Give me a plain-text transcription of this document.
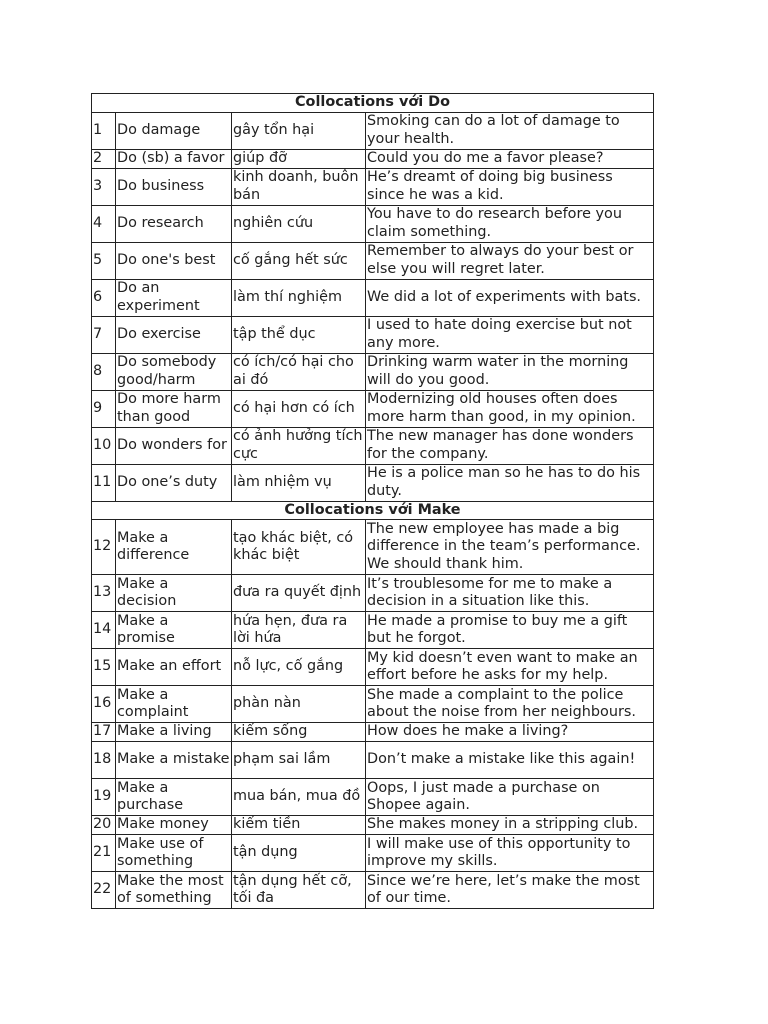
Collocations với Do			
1	Do damage	gây tổn hại	Smoking can do a lot of damage to your health.
2	Do (sb) a favor	giúp đỡ	Could you do me a favor please?
3	Do business	kinh doanh, buôn bán	He’s dreamt of doing big business since he was a kid.
4	Do research	nghiên cứu	You have to do research before you claim something.
5	Do one's best	cố gắng hết sức	Remember to always do your best or else you will regret later.
6	Do an experiment	làm thí nghiệm	We did a lot of experiments with bats.
7	Do exercise	tập thể dục	I used to hate doing exercise but not any more.
8	Do somebody good/harm	có ích/có hại cho ai đó	Drinking warm water in the morning will do you good.
9	Do more harm than good	có hại hơn có ích	Modernizing old houses often does more harm than good, in my opinion.
10	Do wonders for	có ảnh hưởng tích cực	The new manager has done wonders for the company.
11	Do one’s duty	làm nhiệm vụ	He is a police man so he has to do his duty.
Collocations với Make			
12	Make a difference	tạo khác biệt, có khác biệt	The new employee has made a big difference in the team’s performance. We should thank him.
13	Make a decision	đưa ra quyết định	It’s troublesome for me to make a decision in a situation like this.
14	Make a promise	hứa hẹn, đưa ra lời hứa	He made a promise to buy me a gift but he forgot.
15	Make an effort	nỗ lực, cố gắng	My kid doesn’t even want to make an effort before he asks for my help.
16	Make a complaint	phàn nàn	She made a complaint to the police about the noise from her neighbours.
17	Make a living	kiếm sống	How does he make a living?
18	Make a mistake	phạm sai lầm	Don’t make a mistake like this again!
19	Make a purchase	mua bán, mua đồ	Oops, I just made a purchase on Shopee again.
20	Make money	kiếm tiền	She makes money in a stripping club.
21	Make use of something	tận dụng	I will make use of this opportunity to improve my skills.
22	Make the most of something	tận dụng hết cỡ, tối đa	Since we’re here, let’s make the most of our time.
